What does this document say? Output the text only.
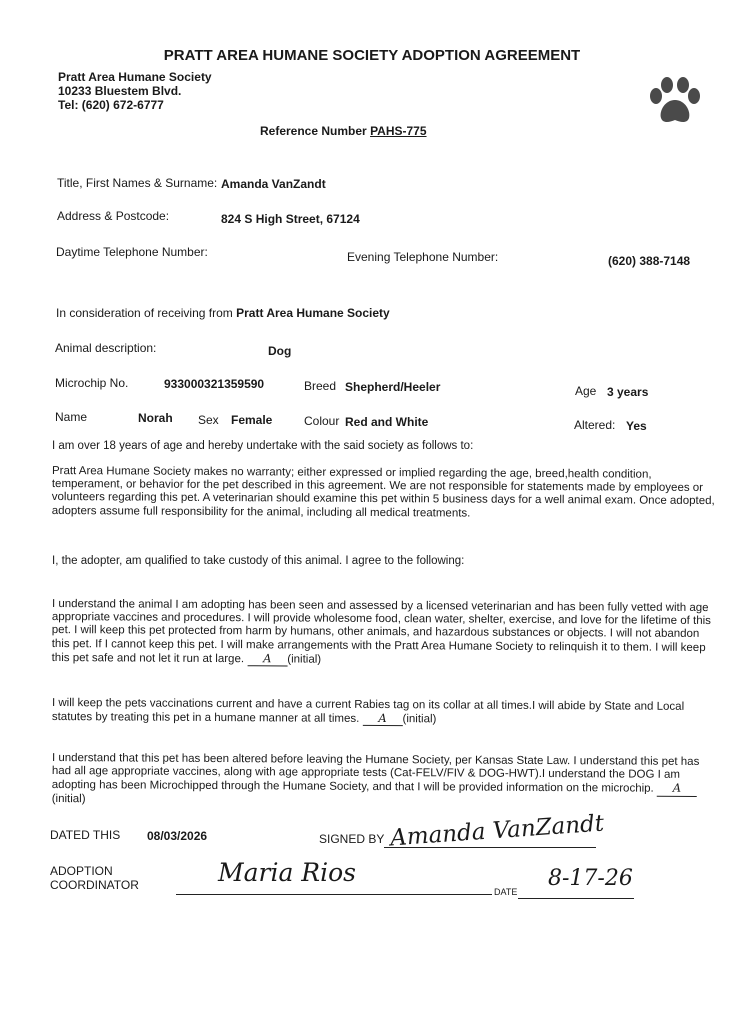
PRATT AREA HUMANE SOCIETY ADOPTION AGREEMENT
Pratt Area Humane Society
10233 Bluestem Blvd.
Tel: (620) 672-6777
Reference Number PAHS-775
Title, First Names & Surname: Amanda VanZandt
Address & Postcode:	824 S High Street, 67124
Daytime Telephone Number:	Evening Telephone Number:	(620) 388-7148
In consideration of receiving from Pratt Area Humane Society
Animal description:	Dog
Microchip No.	933000321359590	Breed Shepherd/Heeler	Age 3 years
Name	Norah Sex Female	Colour Red and White	Altered: Yes
I am over 18 years of age and hereby undertake with the said society as follows to:
Pratt Area Humane Society makes no warranty; either expressed or implied regarding the age, breed,health condition, temperament, or behavior for the pet described in this agreement. We are not responsible for statements made by employees or volunteers regarding this pet. A veterinarian should examine this pet within 5 business days for a well animal exam. Once adopted, adopters assume full responsibility for the animal, including all medical treatments.
I, the adopter, am qualified to take custody of this animal. I agree to the following:
I understand the animal I am adopting has been seen and assessed by a licensed veterinarian and has been fully vetted with age appropriate vaccines and procedures. I will provide wholesome food, clean water, shelter, exercise, and love for the lifetime of this pet. I will keep this pet protected from harm by humans, other animals, and hazardous substances or objects. I will not abandon this pet. If I cannot keep this pet. I will make arrangements with the Pratt Area Humane Society to relinquish it to them. I will keep this pet safe and not let it run at large. A (initial)
I will keep the pets vaccinations current and have a current Rabies tag on its collar at all times.I will abide by State and Local statutes by treating this pet in a humane manner at all times. A (initial)
I understand that this pet has been altered before leaving the Humane Society, per Kansas State Law. I understand this pet has had all age appropriate vaccines, along with age appropriate tests (Cat-FELV/FIV & DOG-HWT).I understand the DOG I am adopting has been Microchipped through the Humane Society, and that I will be provided information on the microchip. A(initial)
DATED THIS 08/03/2026	SIGNED BY Amanda VanZandt
ADOPTION
COORDINATOR	Maria Rios
DATE
8-17-26
